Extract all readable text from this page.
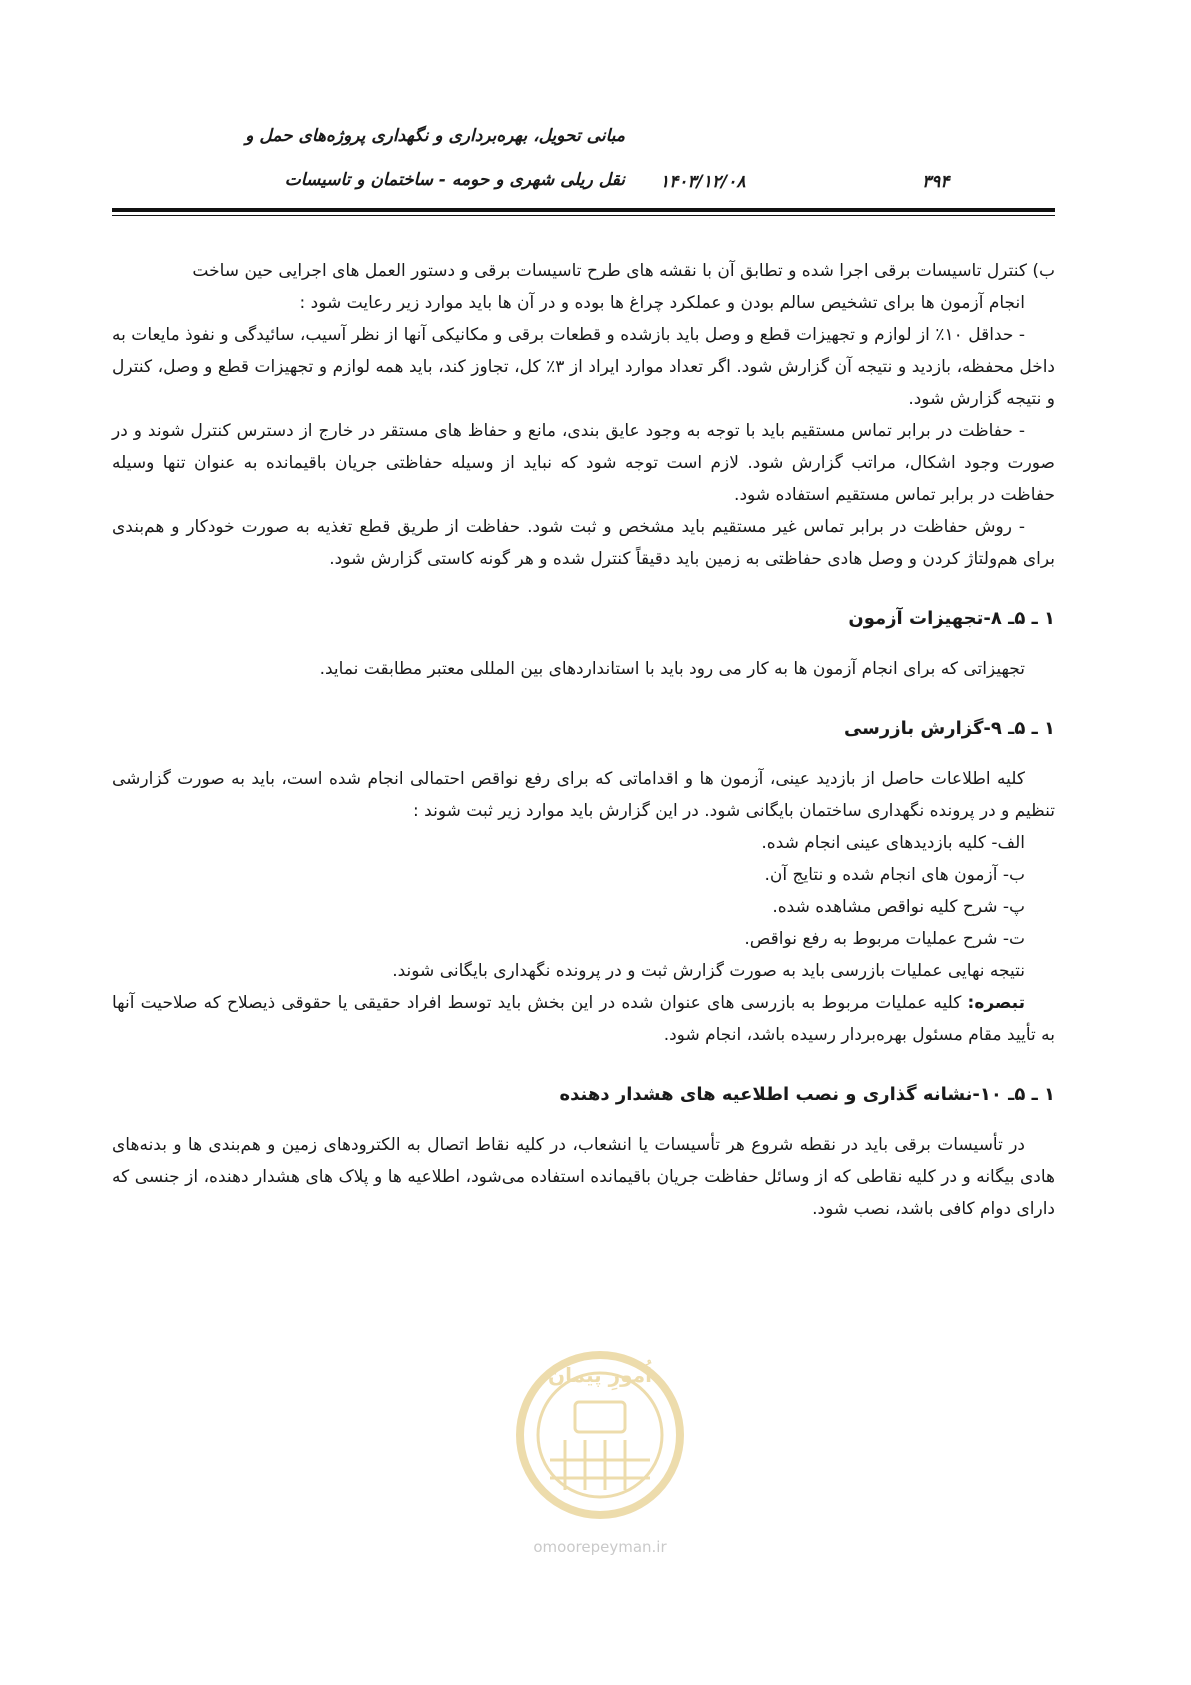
مبانی تحویل، بهره‌برداری و نگهداری پروژه‌های حمل و
نقل ریلی شهری و حومه - ساختمان و تاسیسات ۱۴۰۳/۱۲/۰۸	۳۹۴

ب) کنترل تاسیسات برقی اجرا شده و تطابق آن با نقشه های طرح تاسیسات برقی و دستور العمل های اجرایی حین ساخت

انجام آزمون ها برای تشخیص سالم بودن و عملکرد چراغ ها بوده و در آن ها باید موارد زیر رعایت شود :

- حداقل ۱۰٪ از لوازم و تجهیزات قطع و وصل باید بازشده و قطعات برقی و مکانیکی آنها از نظر آسیب، سائیدگی و نفوذ مایعات به داخل محفظه، بازدید و نتیجه آن گزارش شود. اگر تعداد موارد ایراد از ۳٪ کل، تجاوز کند، باید همه لوازم و تجهیزات قطع و وصل، کنترل و نتیجه گزارش شود.

- حفاظت در برابر تماس مستقیم باید با توجه به وجود عایق بندی، مانع و حفاظ های مستقر در خارج از دسترس کنترل شوند و در صورت وجود اشکال، مراتب گزارش شود. لازم است توجه شود که نباید از وسیله حفاظتی جریان باقیمانده به عنوان تنها وسیله حفاظت در برابر تماس مستقیم استفاده شود.

- روش حفاظت در برابر تماس غیر مستقیم باید مشخص و ثبت شود. حفاظت از طریق قطع تغذیه به صورت خودکار و هم‌بندی برای هم‌ولتاژ کردن و وصل هادی حفاظتی به زمین باید دقیقاً کنترل شده و هر گونه کاستی گزارش شود.

۱ ـ ۵ـ ۸-تجهیزات آزمون

تجهیزاتی که برای انجام آزمون ها به کار می رود باید با استانداردهای بین المللی معتبر مطابقت نماید.

۱ ـ ۵ـ ۹-گزارش بازرسی

کلیه اطلاعات حاصل از بازدید عینی، آزمون ها و اقداماتی که برای رفع نواقص احتمالی انجام شده است، باید به صورت گزارشی تنظیم و در پرونده نگهداری ساختمان بایگانی شود. در این گزارش باید موارد زیر ثبت شوند :

الف- کلیه بازدیدهای عینی انجام شده.

ب- آزمون های انجام شده و نتایج آن.

پ- شرح کلیه نواقص مشاهده شده.

ت- شرح عملیات مربوط به رفع نواقص.

نتیجه نهایی عملیات بازرسی باید به صورت گزارش ثبت و در پرونده نگهداری بایگانی شوند.

تبصره: کلیه عملیات مربوط به بازرسی های عنوان شده در این بخش باید توسط افراد حقیقی یا حقوقی ذیصلاح که صلاحیت آنها به تأیید مقام مسئول بهره‌بردار رسیده باشد، انجام شود.

۱ ـ ۵ـ ۱۰-نشانه گذاری و نصب اطلاعیه های هشدار دهنده

در تأسیسات برقی باید در نقطه شروع هر تأسیسات یا انشعاب، در کلیه نقاط اتصال به الکترودهای زمین و هم‌بندی ها و بدنه‌های هادی بیگانه و در کلیه نقاطی که از وسائل حفاظت جریان باقیمانده استفاده می‌شود، اطلاعیه ها و پلاک های هشدار دهنده، از جنسی که دارای دوام کافی باشد، نصب شود.

اُمورِ پیمان
omoorepeyman.ir
